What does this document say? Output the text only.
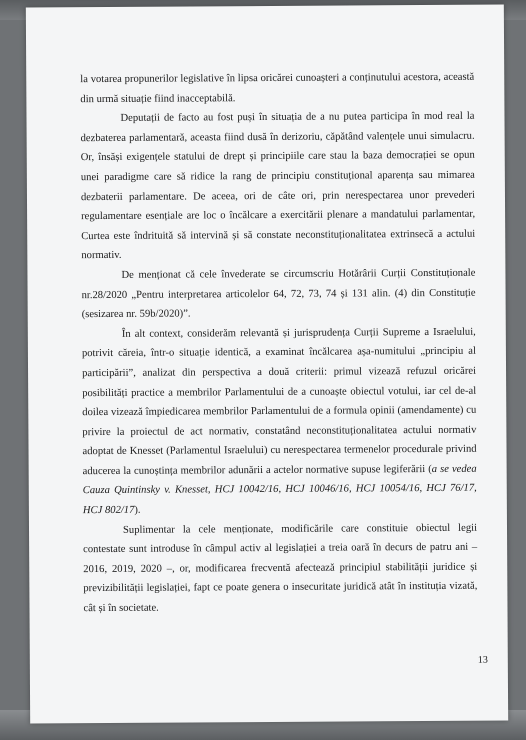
la votarea propunerilor legislative în lipsa oricărei cunoașteri a conținutului acestora, această din urmă situație fiind inacceptabilă.

Deputații de facto au fost puși în situația de a nu putea participa în mod real la dezbaterea parlamentară, aceasta fiind dusă în derizoriu, căpătând valențele unui simulacru. Or, însăși exigențele statului de drept și principiile care stau la baza democrației se opun unei paradigme care să ridice la rang de principiu constituțional aparența sau mimarea dezbaterii parlamentare. De aceea, ori de câte ori, prin nerespectarea unor prevederi regulamentare esențiale are loc o încălcare a exercitării plenare a mandatului parlamentar, Curtea este îndrituită să intervină și să constate neconstituționalitatea extrinsecă a actului normativ.

De menționat că cele învederate se circumscriu Hotărârii Curții Constituționale nr.28/2020 „Pentru interpretarea articolelor 64, 72, 73, 74 și 131 alin. (4) din Constituție (sesizarea nr. 59b/2020)”.

În alt context, considerăm relevantă și jurisprudența Curții Supreme a Israelului, potrivit căreia, într-o situație identică, a examinat încălcarea așa-numitului „principiu al participării”, analizat din perspectiva a două criterii: primul vizează refuzul oricărei posibilități practice a membrilor Parlamentului de a cunoaște obiectul votului, iar cel de-al doilea vizează împiedicarea membrilor Parlamentului de a formula opinii (amendamente) cu privire la proiectul de act normativ, constatând neconstituționalitatea actului normativ adoptat de Knesset (Parlamentul Israelului) cu nerespectarea termenelor procedurale privind aducerea la cunoștința membrilor adunării a actelor normative supuse legiferării (a se vedea Cauza Quintinsky v. Knesset, HCJ 10042/16, HCJ 10046/16, HCJ 10054/16, HCJ 76/17, HCJ 802/17).

Suplimentar la cele menționate, modificările care constituie obiectul legii contestate sunt introduse în câmpul activ al legislației a treia oară în decurs de patru ani – 2016, 2019, 2020 –, or, modificarea frecventă afectează principiul stabilității juridice și previzibilității legislației, fapt ce poate genera o insecuritate juridică atât în instituția vizată, cât și în societate.

13
